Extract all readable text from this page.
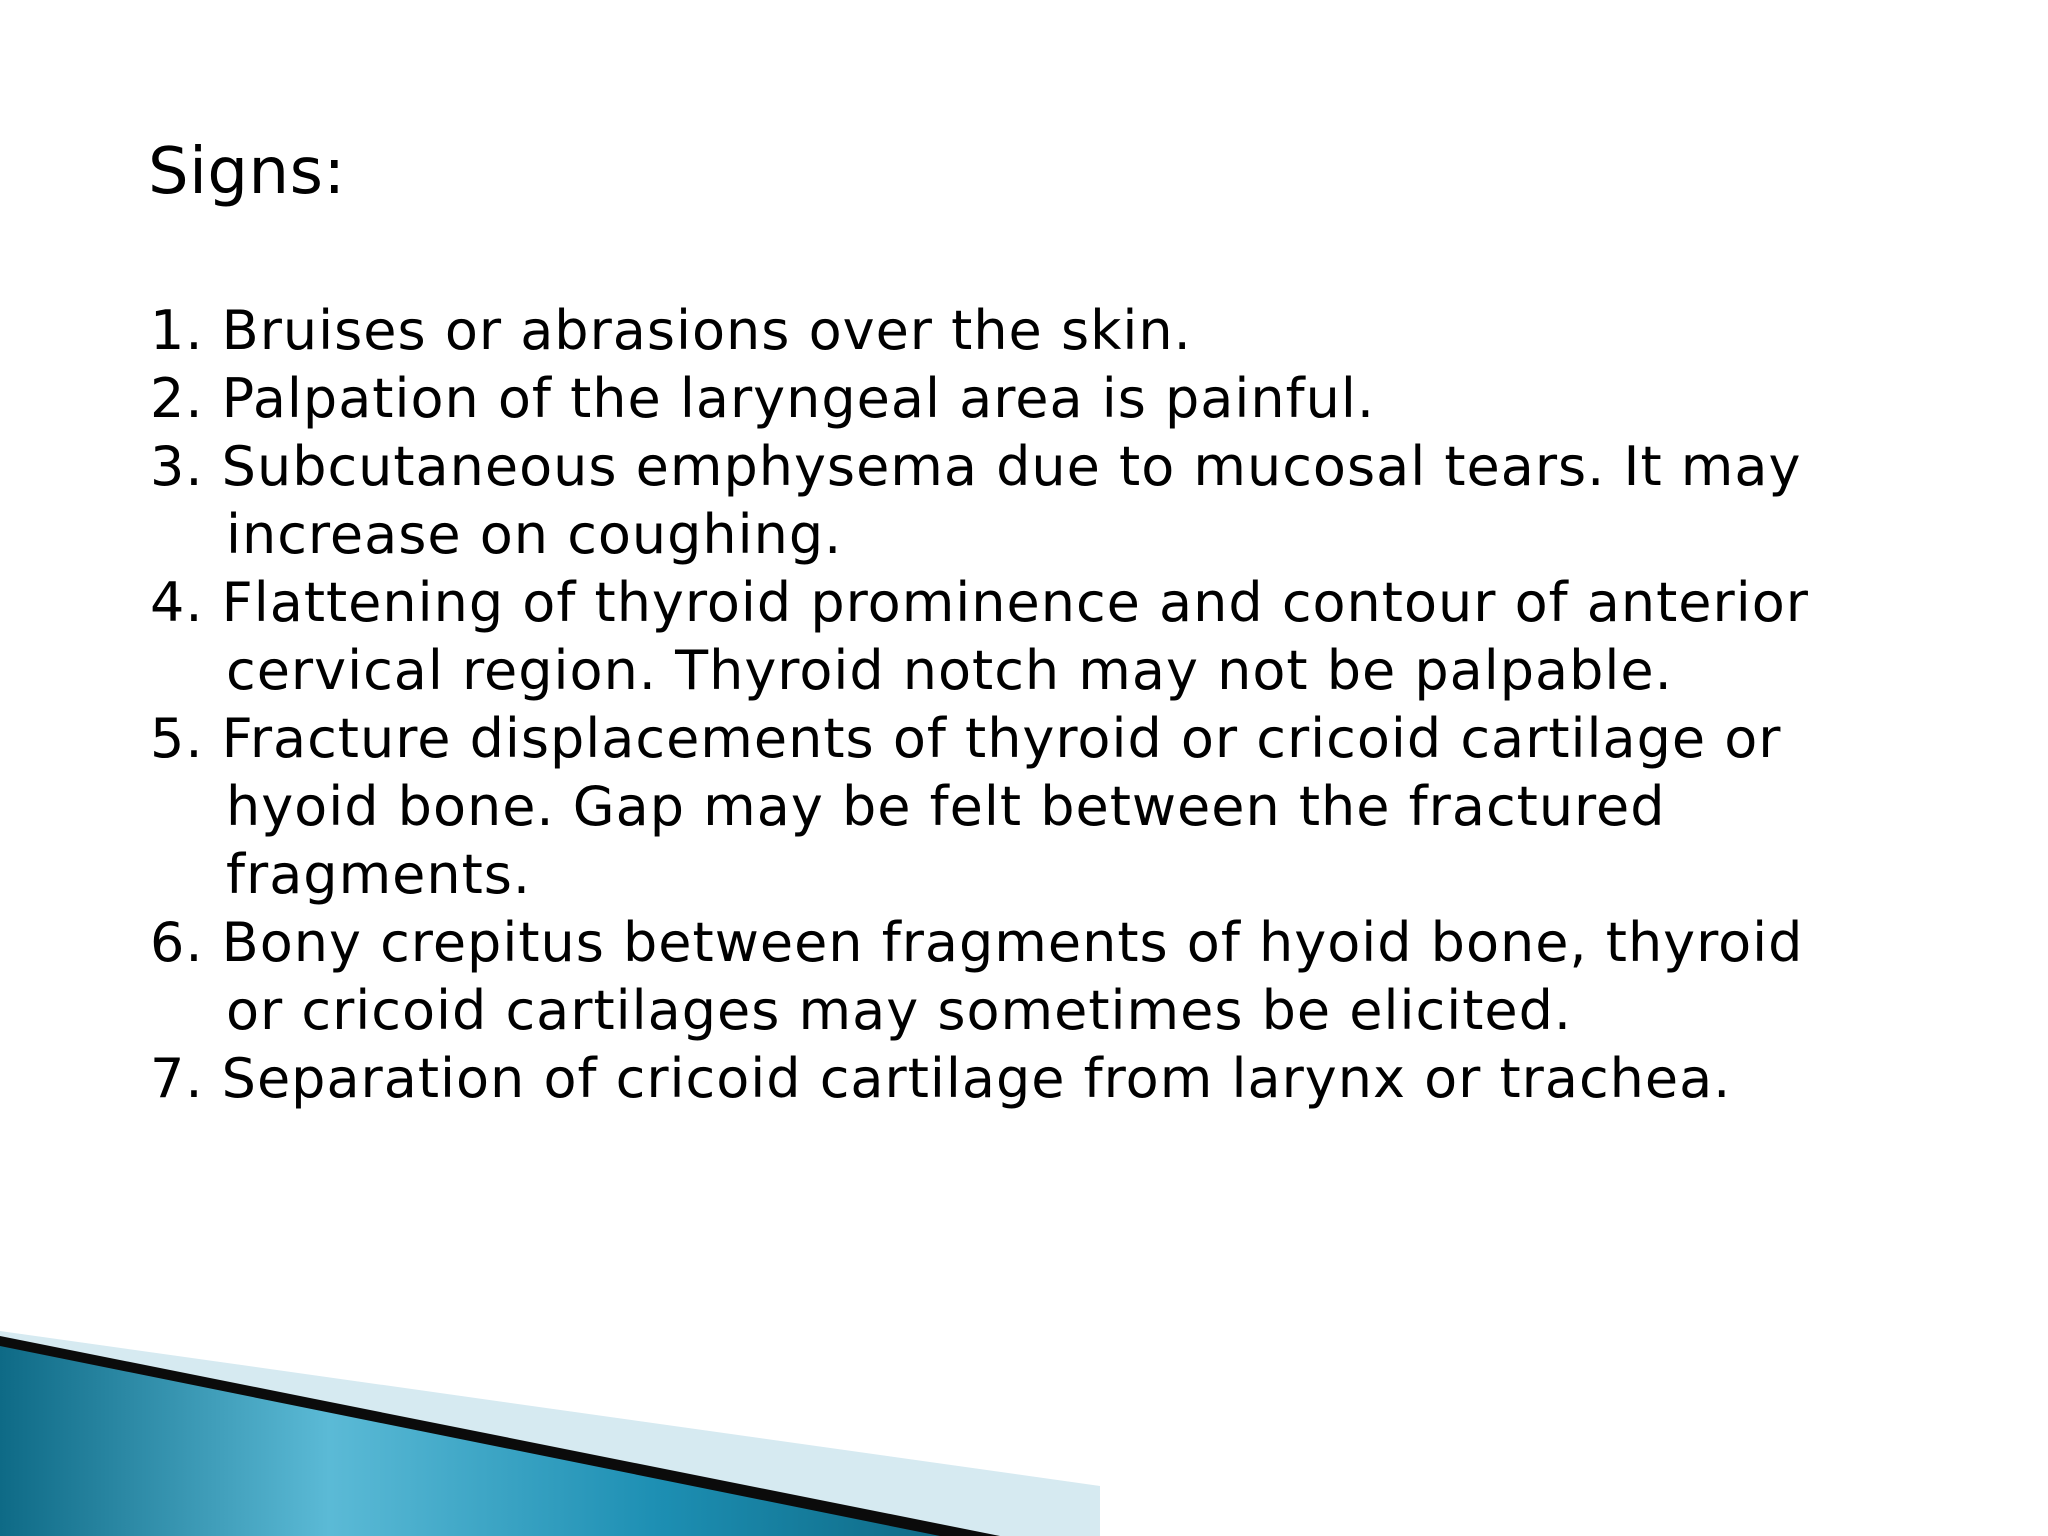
Signs:
1. Bruises or abrasions over the skin.
2. Palpation of the laryngeal area is painful.
3. Subcutaneous emphysema due to mucosal tears. It may
increase on coughing.
4. Flattening of thyroid prominence and contour of anterior
cervical region. Thyroid notch may not be palpable.
5. Fracture displacements of thyroid or cricoid cartilage or
hyoid bone. Gap may be felt between the fractured
fragments.
6. Bony crepitus between fragments of hyoid bone, thyroid
or cricoid cartilages may sometimes be elicited.
7. Separation of cricoid cartilage from larynx or trachea.
